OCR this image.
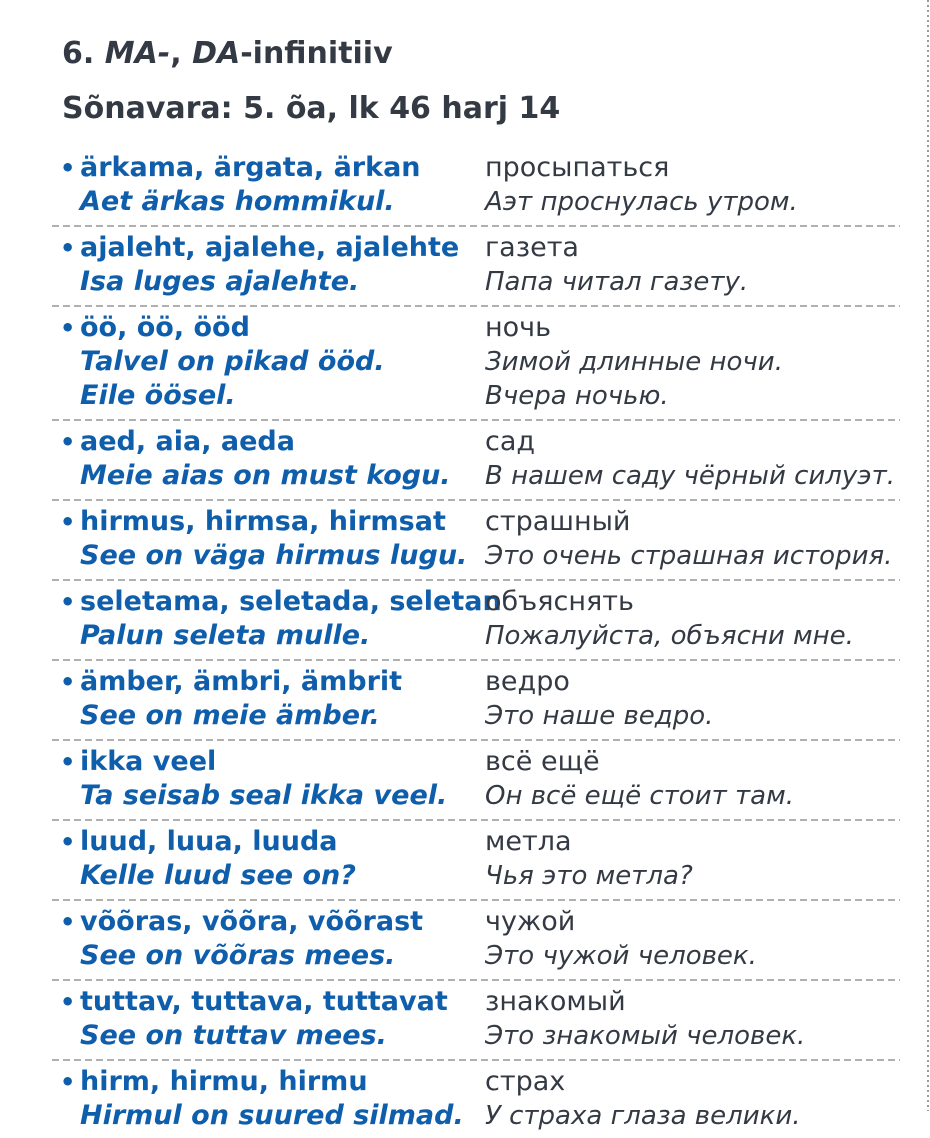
6. MA-, DA-infinitiiv
Sõnavara: 5. õa, lk 46 harj 14
• ärkama, ärgata, ärkan
Aet ärkas hommikul.
просыпаться
Аэт проснулась утром.
• ajaleht, ajalehe, ajalehte
Isa luges ajalehte.
газета
Папа читал газету.
• öö, öö, ööd
Talvel on pikad ööd.
Eile öösel.
ночь
Зимой длинные ночи.
Вчера ночью.
• aed, aia, aeda
Meie aias on must kogu.
сад
В нашем саду чёрный силуэт.
• hirmus, hirmsa, hirmsat
See on väga hirmus lugu.
страшный
Это очень страшная история.
• seletama, seletada, seletan
Palun seleta mulle.
объяснять
Пожалуйста, объясни мне.
• ämber, ämbri, ämbrit
See on meie ämber.
ведро
Это наше ведро.
• ikka veel
Ta seisab seal ikka veel.
всё ещё
Он всё ещё стоит там.
• luud, luua, luuda
Kelle luud see on?
метла
Чья это метла?
• võõras, võõra, võõrast
See on võõras mees.
чужой
Это чужой человек.
• tuttav, tuttava, tuttavat
See on tuttav mees.
знакомый
Это знакомый человек.
• hirm, hirmu, hirmu
Hirmul on suured silmad.
страх
У страха глаза велики.
